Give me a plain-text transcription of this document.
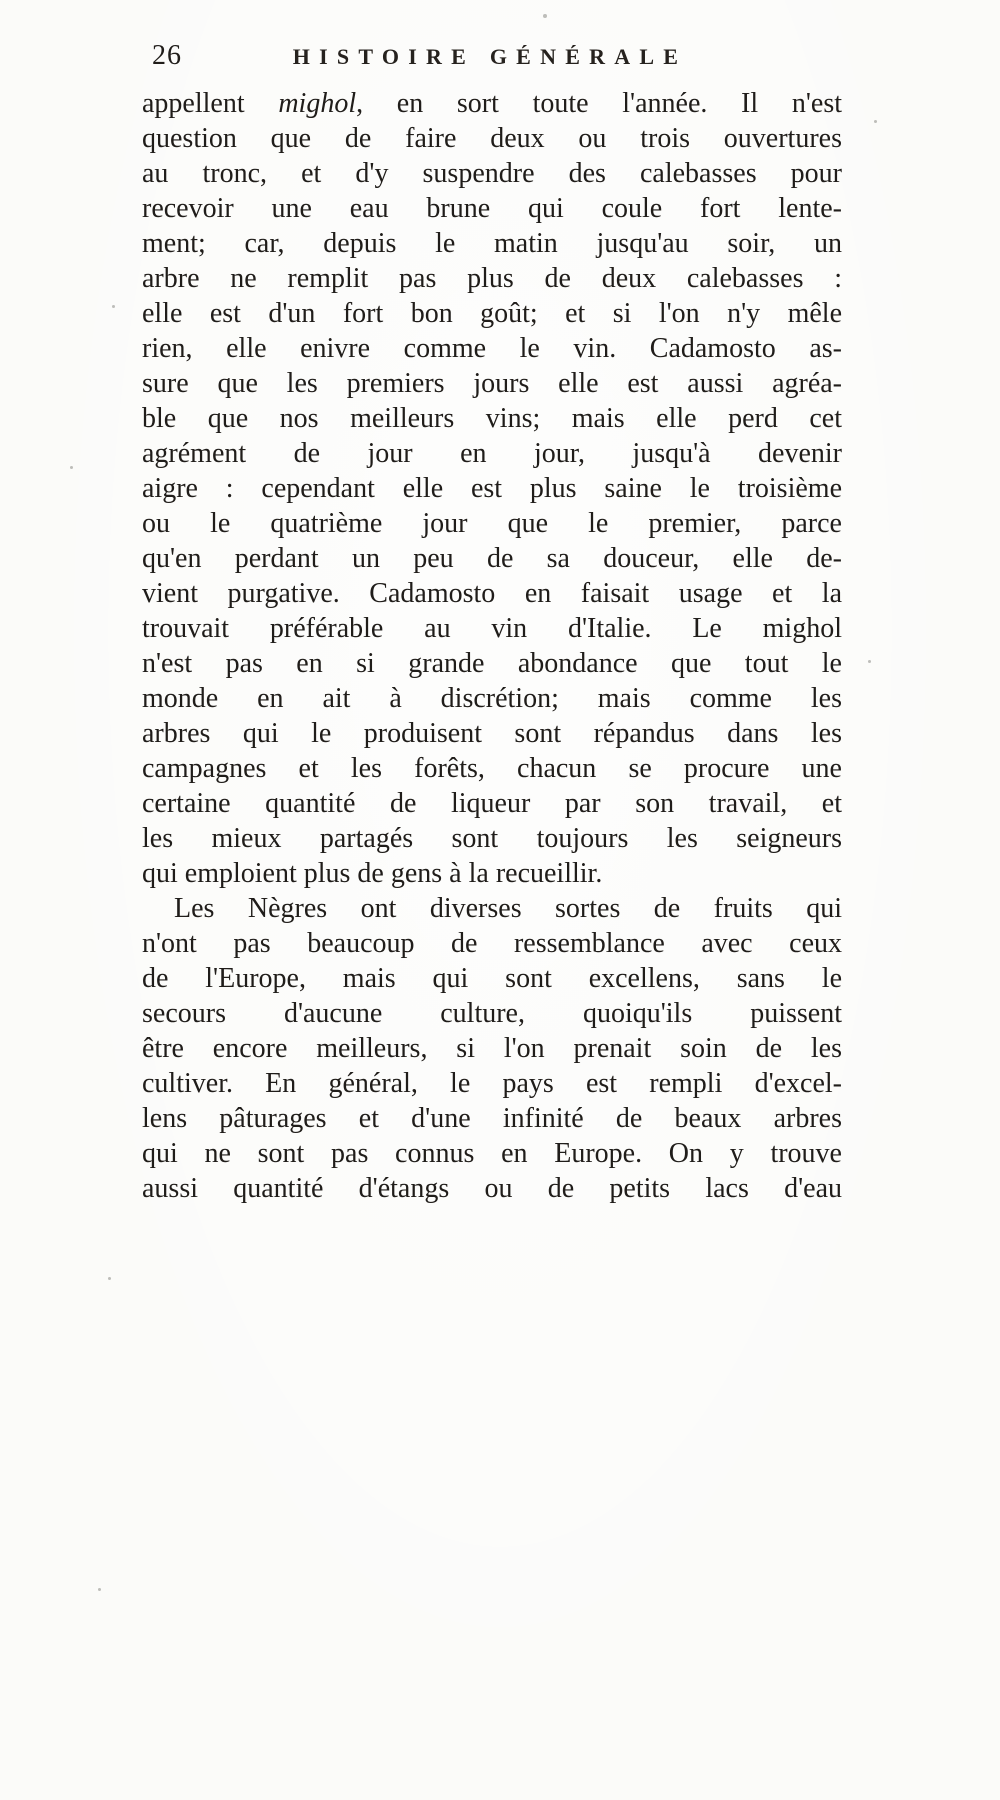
26	HISTOIRE GÉNÉRALE
appellent mighol, en sort toute l'année. Il n'est
question que de faire deux ou trois ouvertures
au tronc, et d'y suspendre des calebasses pour
recevoir une eau brune qui coule fort lente-
ment; car, depuis le matin jusqu'au soir, un
arbre ne remplit pas plus de deux calebasses :
elle est d'un fort bon goût; et si l'on n'y mêle
rien, elle enivre comme le vin. Cadamosto as-
sure que les premiers jours elle est aussi agréa-
ble que nos meilleurs vins; mais elle perd cet
agrément de jour en jour, jusqu'à devenir
aigre : cependant elle est plus saine le troisième
ou le quatrième jour que le premier, parce
qu'en perdant un peu de sa douceur, elle de-
vient purgative. Cadamosto en faisait usage et la
trouvait préférable au vin d'Italie. Le mighol
n'est pas en si grande abondance que tout le
monde en ait à discrétion; mais comme les
arbres qui le produisent sont répandus dans les
campagnes et les forêts, chacun se procure une
certaine quantité de liqueur par son travail, et
les mieux partagés sont toujours les seigneurs
qui emploient plus de gens à la recueillir.
Les Nègres ont diverses sortes de fruits qui
n'ont pas beaucoup de ressemblance avec ceux
de l'Europe, mais qui sont excellens, sans le
secours d'aucune culture, quoiqu'ils puissent
être encore meilleurs, si l'on prenait soin de les
cultiver. En général, le pays est rempli d'excel-
lens pâturages et d'une infinité de beaux arbres
qui ne sont pas connus en Europe. On y trouve
aussi quantité d'étangs ou de petits lacs d'eau
